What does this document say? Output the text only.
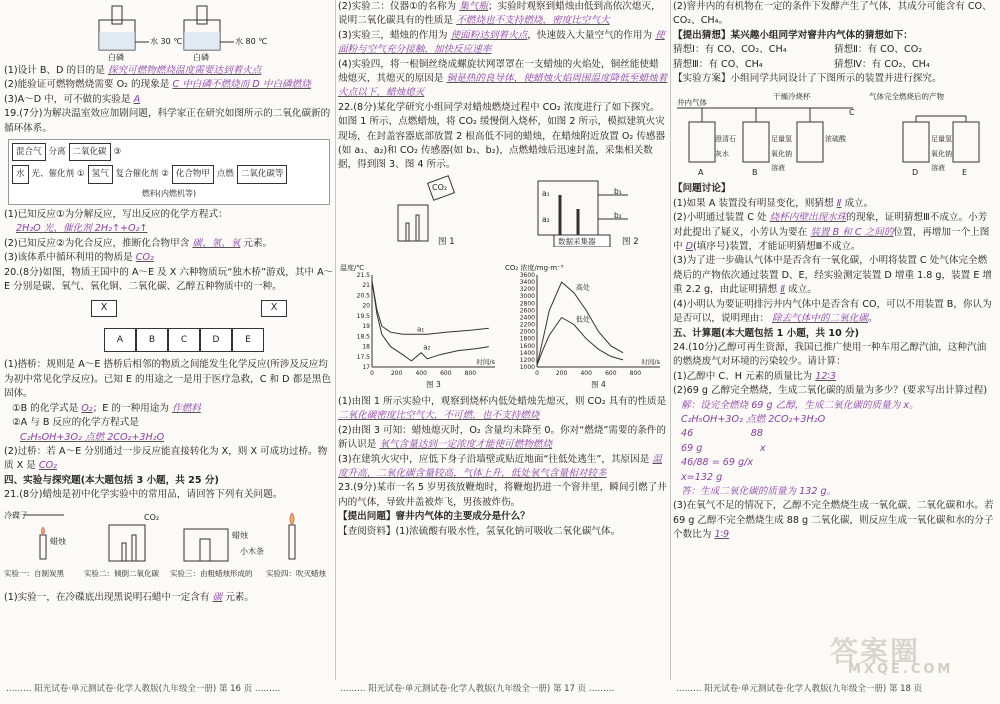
水 30 ℃	水 80 ℃
白磷	白磷
(1)设计 B、D 的目的是 探究可燃物燃烧温度需要达到着火点
(2)能验证可燃物燃烧需要 O₂ 的现象是 C 中白磷不燃烧而 D 中白磷燃烧
(3)A～D 中，可不做的实验是 A
19.(7分)为解决温室效应加剧问题，科学家正在研究如图所示的二氧化碳新的循环体系。
混合气 分离 二氧化碳 ③
水 光、催化剂 ① 氢气 复合催化剂 ② 化合物甲 点燃 二氧化碳等
燃料(内燃机等)
(1)已知反应①为分解反应，写出反应的化学方程式：
2H₂O 光、催化剂 2H₂↑+O₂↑
(2)已知反应②为化合反应，推断化合物甲含 碳、氢、氧 元素。
(3)该体系中循环利用的物质是 CO₂
20.(8分)如图，物质王国中的 A～E 及 X 六种物质玩“独木桥”游戏，其中 A～E 分别是碳、氧气、氧化铜、二氧化碳、乙醇五种物质中的一种。
X	X
A	B	C	D	E
(1)搭桥：规则是 A～E 搭桥后相邻的物质之间能发生化学反应(所涉及反应均为初中常见化学反应)。已知 E 的用途之一是用于医疗急救，C 和 D 都是黑色固体。
①B 的化学式是 O₂；E 的一种用途为 作燃料
②A 与 B 反应的化学方程式是
C₂H₅OH+3O₂ 点燃 2CO₂+3H₂O
(2)过桥：若 A～E 分别通过一步反应能直接转化为 X，则 X 可成功过桥。物质 X 是 CO₂
四、实验与探究题(本大题包括 3 小题，共 25 分)
21.(8分)蜡烛是初中化学实验中的常用品，请回答下列有关问题。
冷碟子
蜡烛
CO₂
蜡烛
小木条
实验一：自制炭黑	实验二：倾倒二氧化碳	实验三：由粗蜡烛形成的	实验四：吹灭蜡烛
(1)实验一，在冷碟底出现黑说明石蜡中一定含有 碳 元素。
(2)实验二：仪器①的名称为 集气瓶；实验时观察到蜡烛由低到高依次熄灭，说明二氧化碳具有的性质是 不燃烧也不支持燃烧，密度比空气大
(3)实验三，蜡烛的作用为 使面粉达到着火点，快速鼓入大量空气的作用为 使面粉与空气充分接触，加快反应速率
(4)实验四，将一根铜丝绕成螺旋状网罩罩在一支蜡烛的火焰处，铜丝能使蜡烛熄灭，其熄灭的原因是 铜是热的良导体，使蜡烛火焰周围温度降低至蜡烛着火点以下，蜡烛熄灭
22.(8分)某化学研究小组同学对蜡烛燃烧过程中 CO₂ 浓度进行了如下探究。如图 1 所示，点燃蜡烛，将 CO₂ 缓慢倒入烧杯，如图 2 所示，模拟建筑火灾现场，在封盖容器底部放置 2 根高低不同的蜡烛，在蜡烛附近放置 O₂ 传感器(如 a₁、a₂)和 CO₂ 传感器(如 b₁、b₂)，点燃蜡烛后迅速封盖，采集相关数据，得到图 3、图 4 所示。
CO₂
a₁	b₁
a₂	b₂
数据采集器
图 1	图 2
温度/℃
17
17.5
18
18.5
19
19.5
20
20.5
21
21.5
0	200 400 600 800
时间/s
a₁
a₂
图 3
CO₂ 浓度/mg·m⁻³
1000
1200
1400
1600
1800
2000
2200
2400
2600
2800
3000
3200
3400
3600
0	200 400 600 800
时间/s
高处
低处
图 4
(1)由图 1 所示实验中，观察到烧杯内低处蜡烛先熄灭，则 CO₂ 具有的性质是 二氧化碳密度比空气大，不可燃，也不支持燃烧
(2)由图 3 可知：蜡烛熄灭时，O₂ 含量均未降至 0。你对“燃烧”需要的条件的新认识是 氧气含量达到一定浓度才能使可燃物燃烧
(3)在建筑火灾中，应低下身子沿墙壁或贴近地面“往低处逃生”，其原因是 温度升高，二氧化碳含量较高，气体上升，低处氧气含量相对较多
23.(9分)某市一名 5 岁男孩放鞭炮时，将鞭炮扔进一个窨井里，瞬间引燃了井内的气体，导致井盖被炸飞，男孩被炸伤。
【提出问题】窨井内气体的主要成分是什么？
【查阅资料】(1)浓硫酸有吸水性，氢氧化钠可吸收二氧化碳气体。
(2)窨井内的有机物在一定的条件下发酵产生了气体，其成分可能含有 CO、CO₂、CH₄。
【提出猜想】某兴趣小组同学对窨井内气体的猜想如下：
猜想Ⅰ：有 CO、CO₂、CH₄	猜想Ⅱ：有 CO、CO₂
猜想Ⅲ：有 CO、CH₄	猜想Ⅳ：有 CO₂、CH₄
【实验方案】小组同学共同设计了下图所示的装置并进行探究。
干燥冷烧杯
井内气体
气体完全燃烧后的产物
澄清石灰水
足量氢氧化钠溶液
浓硫酸	足量氢氧化钠溶液
A	B
C
D	E
【问题讨论】
(1)如果 A 装置没有明显变化，则猜想 Ⅱ 成立。
(2)小明通过装置 C 处 烧杯内壁出现水珠的现象，证明猜想Ⅲ不成立。小芳对此提出了疑义，小芳认为要在 装置 B 和 C 之间的位置，再增加一个上图中 D(填序号)装置，才能证明猜想Ⅲ不成立。
(3)为了进一步确认气体中是否含有一氧化碳，小明将装置 C 处气体完全燃烧后的产物依次通过装置 D、E，经实验测定装置 D 增重 1.8 g，装置 E 增重 2.2 g，由此证明猜想 Ⅱ 成立。
(4)小明认为要证明排污井内气体中是否含有 CO，可以不用装置 B，你认为是否可以，说明理由： 除去气体中的二氧化碳。
五、计算题(本大题包括 1 小题，共 10 分)
24.(10分)乙醇可再生资源，我国已推广使用一种车用乙醇汽油，这种汽油的燃烧废气对环境的污染较少。请计算：
(1)乙醇中 C、H 元素的质量比为 12∶3
(2)69 g 乙醇完全燃烧，生成二氧化碳的质量为多少？(要求写出计算过程)
解：设完全燃烧 69 g 乙醇，生成二氧化碳的质量为 x。
C₂H₅OH+3O₂ 点燃 2CO₂+3H₂O
46　　　　　　88
69 g　　　　　　x
46/88 = 69 g/x
x=132 g
答：生成二氧化碳的质量为 132 g。
(3)在氧气不足的情况下，乙醇不完全燃烧生成一氧化碳、二氧化碳和水。若 69 g 乙醇不完全燃烧生成 88 g 二氧化碳，则反应生成一氧化碳和水的分子个数比为 1∶9
……… 阳光试卷·单元测试卷·化学人教版(九年级全一册) 第 16 页 ………	……… 阳光试卷·单元测试卷·化学人教版(九年级全一册) 第 17 页 ………	……… 阳光试卷·单元测试卷·化学人教版(九年级全一册) 第 18 页
答案圈
MXQE.COM
